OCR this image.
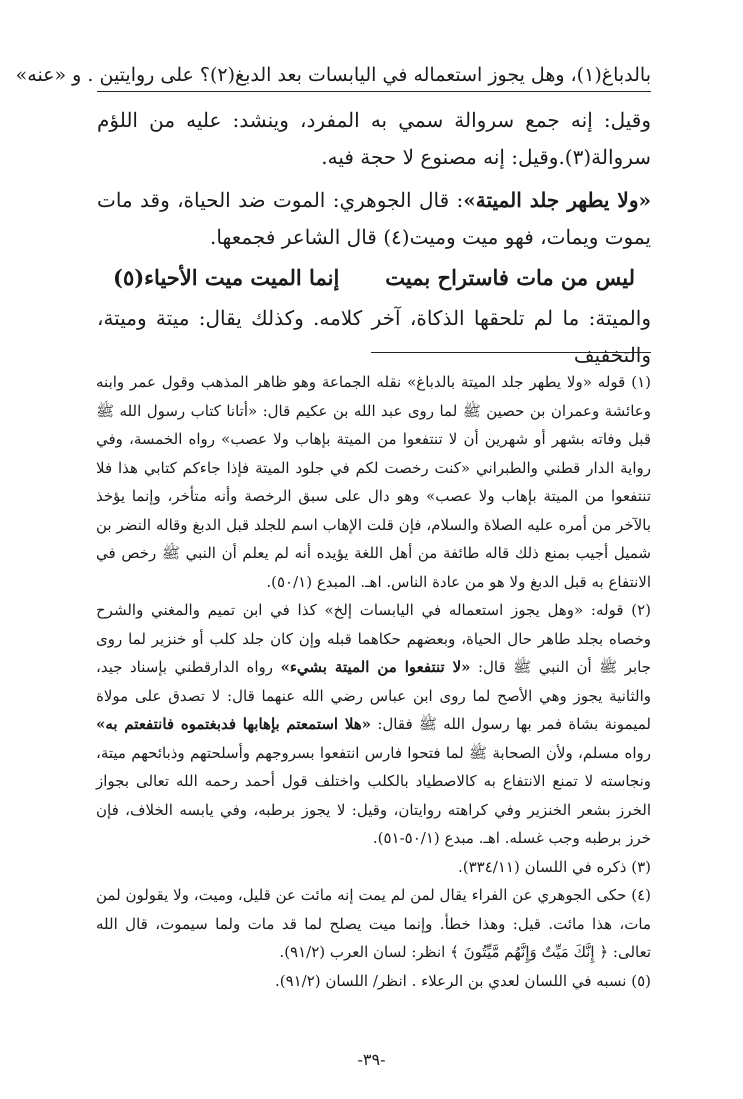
بالدباغ(١)، وهل يجوز استعماله في اليابسات بعد الدبغ(٢)؟ على روايتين . و «عنه»

وقيل: إنه جمع سروالة سمي به المفرد، وينشد: عليه من اللؤم سروالة(٣).وقيل: إنه مصنوع لا حجة فيه.

«ولا يطهر جلد الميتة»: قال الجوهري: الموت ضد الحياة، وقد مات يموت ويمات، فهو ميت وميت(٤) قال الشاعر فجمعها.

ليس من مات فاستراح بميت
إنما الميت ميت الأحياء(٥)

والميتة: ما لم تلحقها الذكاة، آخر كلامه. وكذلك يقال: ميتة وميتة، والتخفيف

(١) قوله «ولا يطهر جلد الميتة بالدباغ» نقله الجماعة وهو ظاهر المذهب وقول عمر وابنه وعائشة وعمران بن حصين ﷺ لما روى عبد الله بن عكيم قال: «أتانا كتاب رسول الله ﷺ قبل وفاته بشهر أو شهرين أن لا تنتفعوا من الميتة بإهاب ولا عصب» رواه الخمسة، وفي رواية الدار قطني والطبراني «كنت رخصت لكم في جلود الميتة فإذا جاءكم كتابي هذا فلا تنتفعوا من الميتة بإهاب ولا عصب» وهو دال على سبق الرخصة وأنه متأخر، وإنما يؤخذ بالآخر من أمره عليه الصلاة والسلام، فإن قلت الإهاب اسم للجلد قبل الدبغ وقاله النضر بن شميل أجيب بمنع ذلك قاله طائفة من أهل اللغة يؤيده أنه لم يعلم أن النبي ﷺ رخص في الانتفاع به قبل الدبغ ولا هو من عادة الناس. اهـ. المبدع (٥٠/١).

(٢) قوله: «وهل يجوز استعماله في اليابسات إلخ» كذا في ابن تميم والمغني والشرح وخصاه بجلد طاهر حال الحياة، وبعضهم حكاهما قبله وإن كان جلد كلب أو خنزير لما روى جابر ﷺ أن النبي ﷺ قال: «لا تنتفعوا من الميتة بشيء» رواه الدارقطني بإسناد جيد، والثانية يجوز وهي الأصح لما روى ابن عباس رضي الله عنهما قال: لا تصدق على مولاة لميمونة بشاة فمر بها رسول الله ﷺ فقال: «هلا استمعتم بإهابها فدبغتموه فانتفعتم به» رواه مسلم، ولأن الصحابة ﷺ لما فتحوا فارس انتفعوا بسروجهم وأسلحتهم وذبائحهم ميتة، ونجاسته لا تمنع الانتفاع به كالاصطياد بالكلب واختلف قول أحمد رحمه الله تعالى بجواز الخرز بشعر الخنزير وفي كراهته روايتان، وقيل: لا يجوز برطبه، وفي يابسه الخلاف، فإن خرز برطبه وجب غسله. اهـ. مبدع (٥٠/١-٥١).

(٣) ذكره في اللسان (٣٣٤/١١).

(٤) حكى الجوهري عن الفراء يقال لمن لم يمت إنه مائت عن قليل، وميت، ولا يقولون لمن مات، هذا مائت. قيل: وهذا خطأ. وإنما ميت يصلح لما قد مات ولما سيموت، قال الله تعالى: ﴿ إِنَّكَ مَيِّتٌ وَإِنَّهُم مَّيِّتُونَ ﴾ انظر: لسان العرب (٩١/٢).

(٥) نسبه في اللسان لعدي بن الرعلاء . انظر/ اللسان (٩١/٢).

-٣٩-
